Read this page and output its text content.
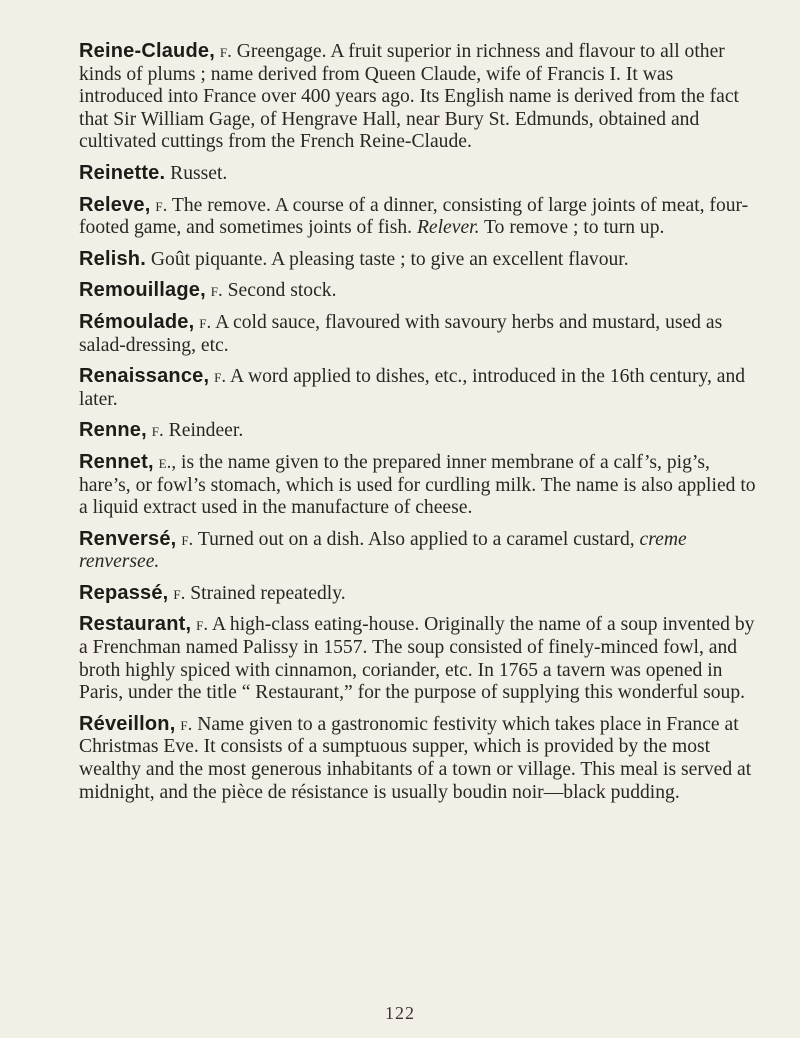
Reine-Claude, f. Greengage. A fruit superior in richness and flavour to all other kinds of plums ; name derived from Queen Claude, wife of Francis I. It was introduced into France over 400 years ago. Its English name is derived from the fact that Sir William Gage, of Hengrave Hall, near Bury St. Edmunds, obtained and cultivated cuttings from the French Reine-Claude.

Reinette. Russet.

Releve, f. The remove. A course of a dinner, consisting of large joints of meat, four-footed game, and sometimes joints of fish. Relever. To remove ; to turn up.

Relish. Goût piquante. A pleasing taste ; to give an excellent flavour.

Remouillage, f. Second stock.

Rémoulade, f. A cold sauce, flavoured with savoury herbs and mustard, used as salad-dressing, etc.

Renaissance, f. A word applied to dishes, etc., introduced in the 16th century, and later.

Renne, f. Reindeer.

Rennet, e., is the name given to the prepared inner membrane of a calf’s, pig’s, hare’s, or fowl’s stomach, which is used for curdling milk. The name is also applied to a liquid extract used in the manufacture of cheese.

Renversé, f. Turned out on a dish. Also applied to a caramel custard, creme renversee.

Repassé, f. Strained repeatedly.

Restaurant, f. A high-class eating-house. Originally the name of a soup invented by a Frenchman named Palissy in 1557. The soup consisted of finely-minced fowl, and broth highly spiced with cinnamon, coriander, etc. In 1765 a tavern was opened in Paris, under the title “ Restaurant,” for the purpose of supplying this wonderful soup.

Réveillon, f. Name given to a gastronomic festivity which takes place in France at Christmas Eve. It consists of a sumptuous supper, which is provided by the most wealthy and the most generous inhabitants of a town or village. This meal is served at midnight, and the pièce de résistance is usually boudin noir—black pudding.

122
